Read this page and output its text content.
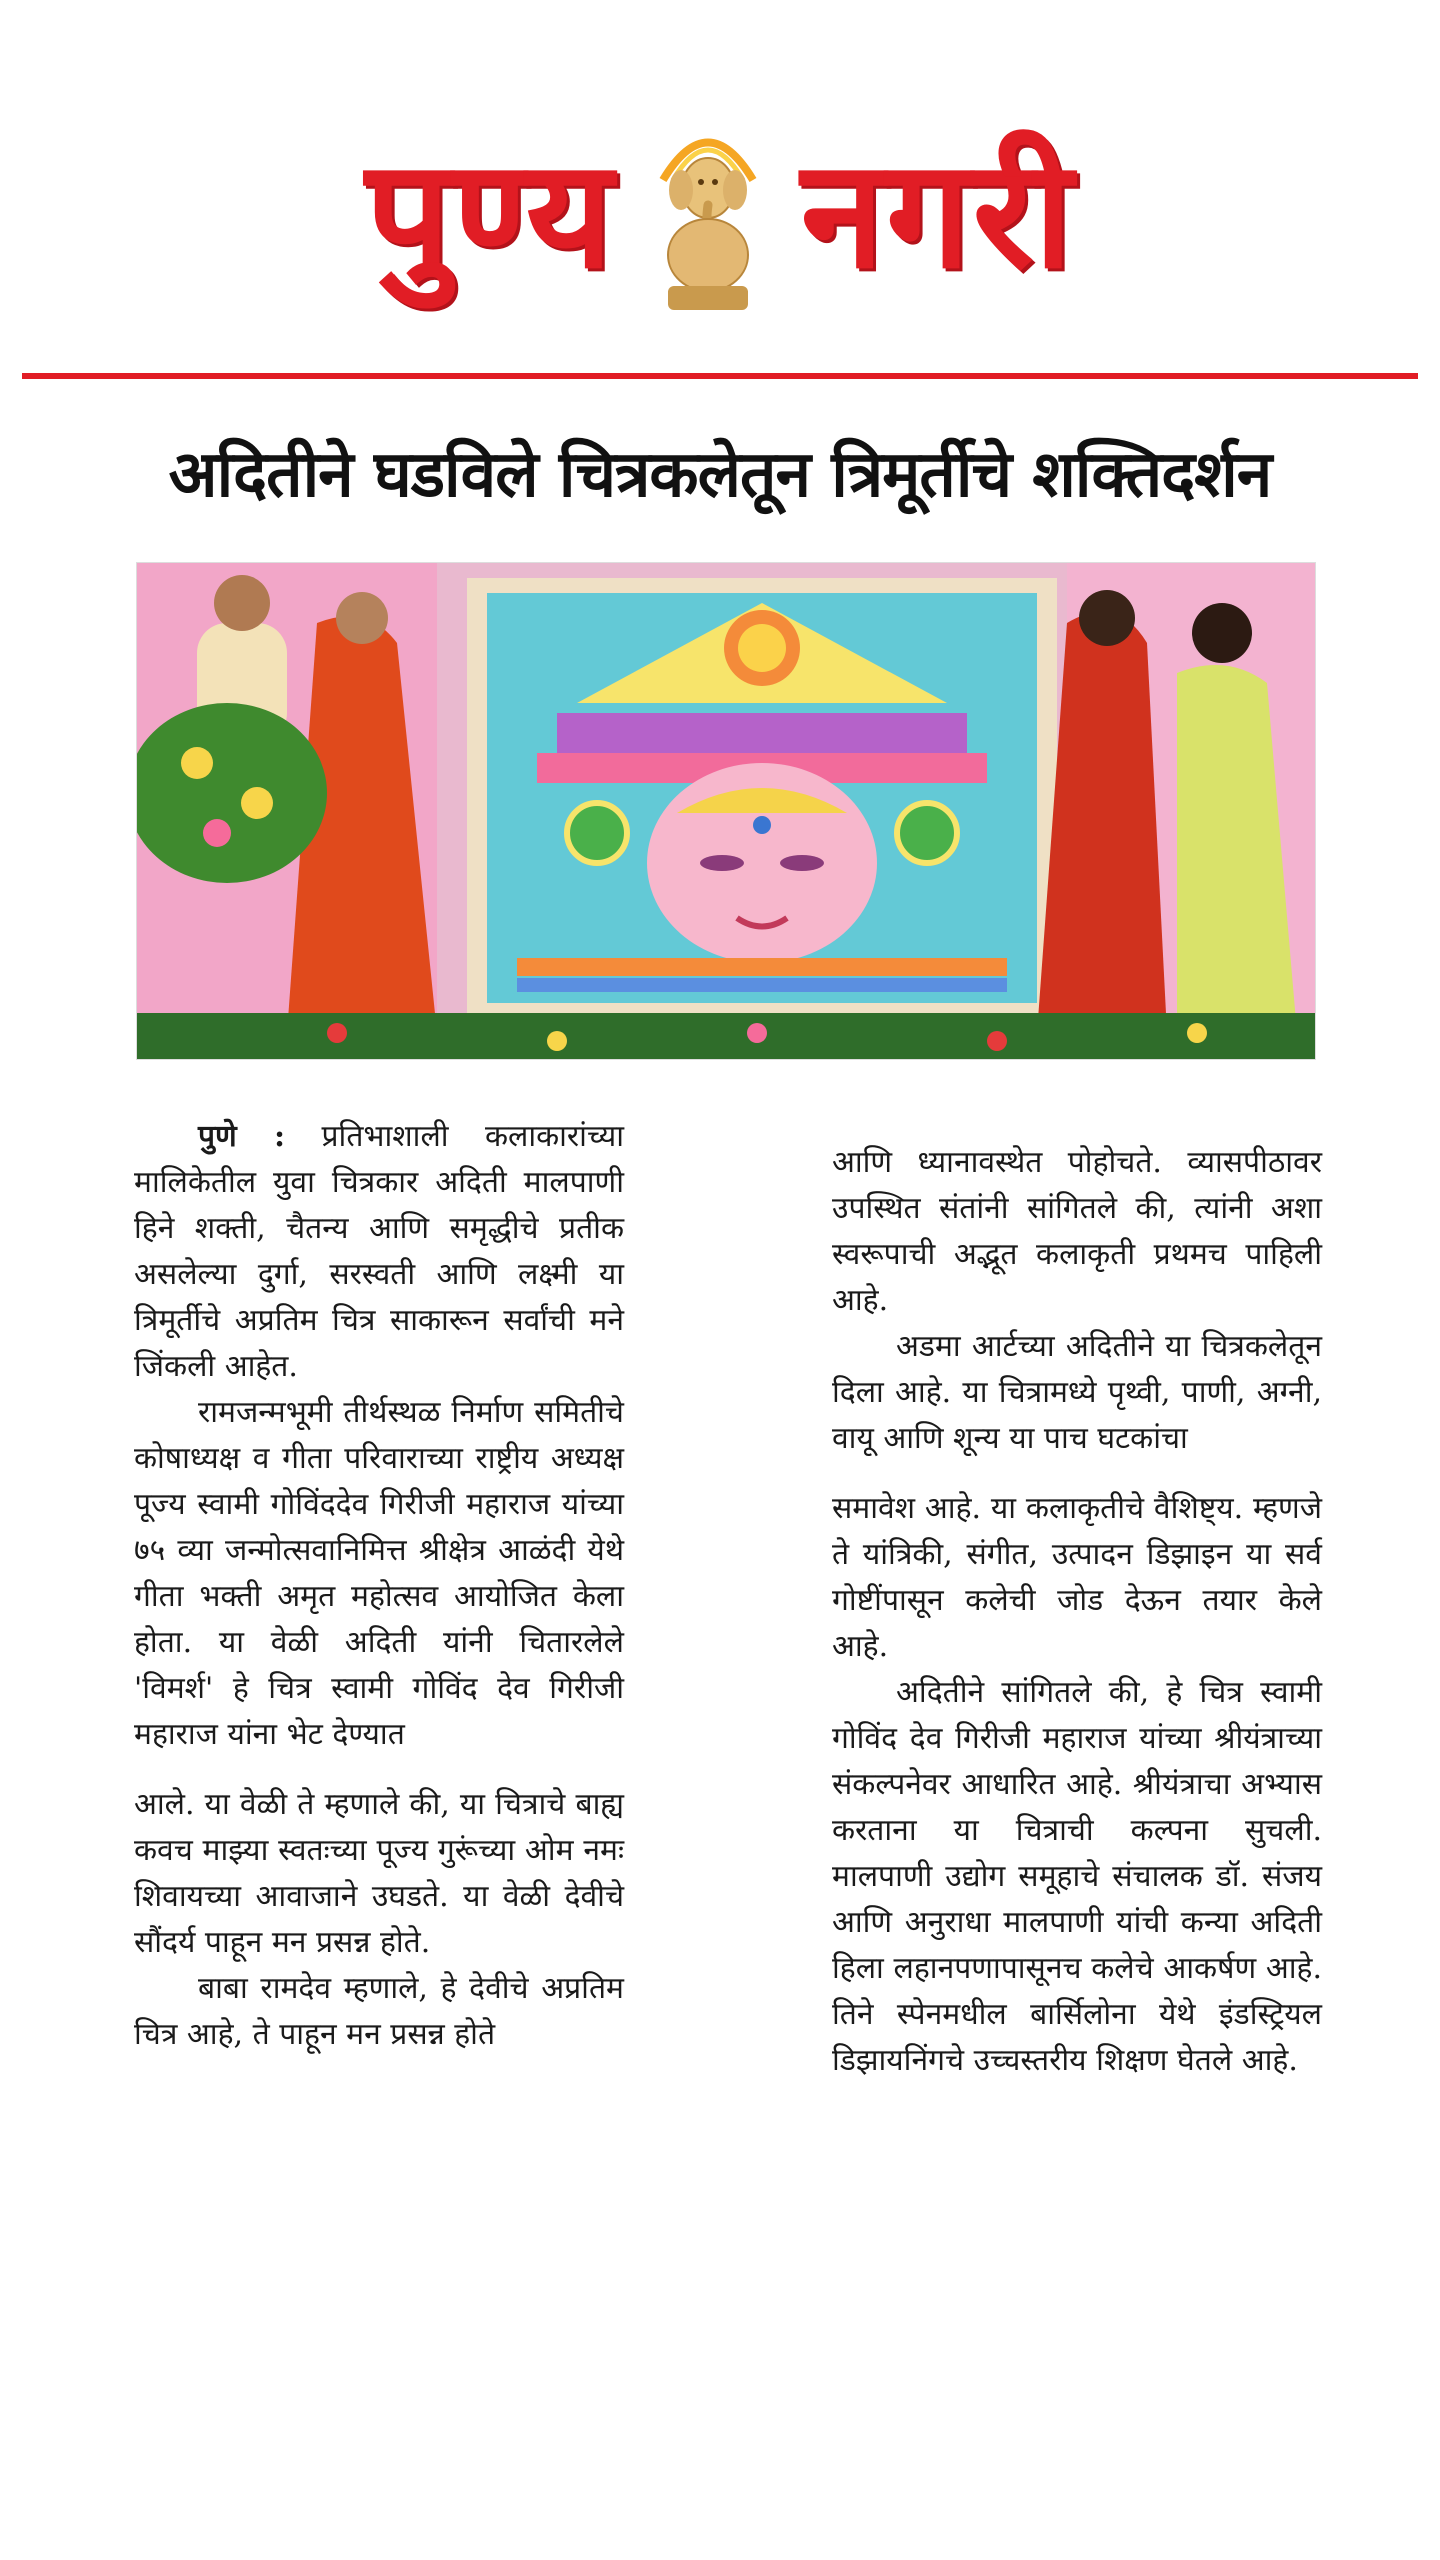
पुण्य नगरी
अदितीने घडविले चित्रकलेतून त्रिमूर्तीचे शक्तिदर्शन

पुणे : प्रतिभाशाली कलाकारांच्या मालिकेतील युवा चित्रकार अदिती मालपाणी हिने शक्ती, चैतन्य आणि समृद्धीचे प्रतीक असलेल्या दुर्गा, सरस्वती आणि लक्ष्मी या त्रिमूर्तीचे अप्रतिम चित्र साकारून सर्वांची मने जिंकली आहेत.

रामजन्मभूमी तीर्थस्थळ निर्माण समितीचे कोषाध्यक्ष व गीता परिवाराच्या राष्ट्रीय अध्यक्ष पूज्य स्वामी गोविंददेव गिरीजी महाराज यांच्या ७५ व्या जन्मोत्सवानिमित्त श्रीक्षेत्र आळंदी येथे गीता भक्ती अमृत महोत्सव आयोजित केला होता. या वेळी अदिती यांनी चितारलेले 'विमर्श' हे चित्र स्वामी गोविंद देव गिरीजी महाराज यांना भेट देण्यात

आले. या वेळी ते म्हणाले की, या चित्राचे बाह्य कवच माझ्या स्वतःच्या पूज्य गुरूंच्या ओम नमः शिवायच्या आवाजाने उघडते. या वेळी देवीचे सौंदर्य पाहून मन प्रसन्न होते.

बाबा रामदेव म्हणाले, हे देवीचे अप्रतिम चित्र आहे, ते पाहून मन प्रसन्न होते

आणि ध्यानावस्थेत पोहोचते. व्यासपीठावर उपस्थित संतांनी सांगितले की, त्यांनी अशा स्वरूपाची अद्भूत कलाकृती प्रथमच पाहिली आहे.

अडमा आर्टच्या अदितीने या चित्रकलेतून दिला आहे. या चित्रामध्ये पृथ्वी, पाणी, अग्नी, वायू आणि शून्य या पाच घटकांचा

समावेश आहे. या कलाकृतीचे वैशिष्ट्य. म्हणजे ते यांत्रिकी, संगीत, उत्पादन डिझाइन या सर्व गोष्टींपासून कलेची जोड देऊन तयार केले आहे.

अदितीने सांगितले की, हे चित्र स्वामी गोविंद देव गिरीजी महाराज यांच्या श्रीयंत्राच्या संकल्पनेवर आधारित आहे. श्रीयंत्राचा अभ्यास करताना या चित्राची कल्पना सुचली. मालपाणी उद्योग समूहाचे संचालक डॉ. संजय आणि अनुराधा मालपाणी यांची कन्या अदिती हिला लहानपणापासूनच कलेचे आकर्षण आहे. तिने स्पेनमधील बार्सिलोना येथे इंडस्ट्रियल डिझायनिंगचे उच्चस्तरीय शिक्षण घेतले आहे.
